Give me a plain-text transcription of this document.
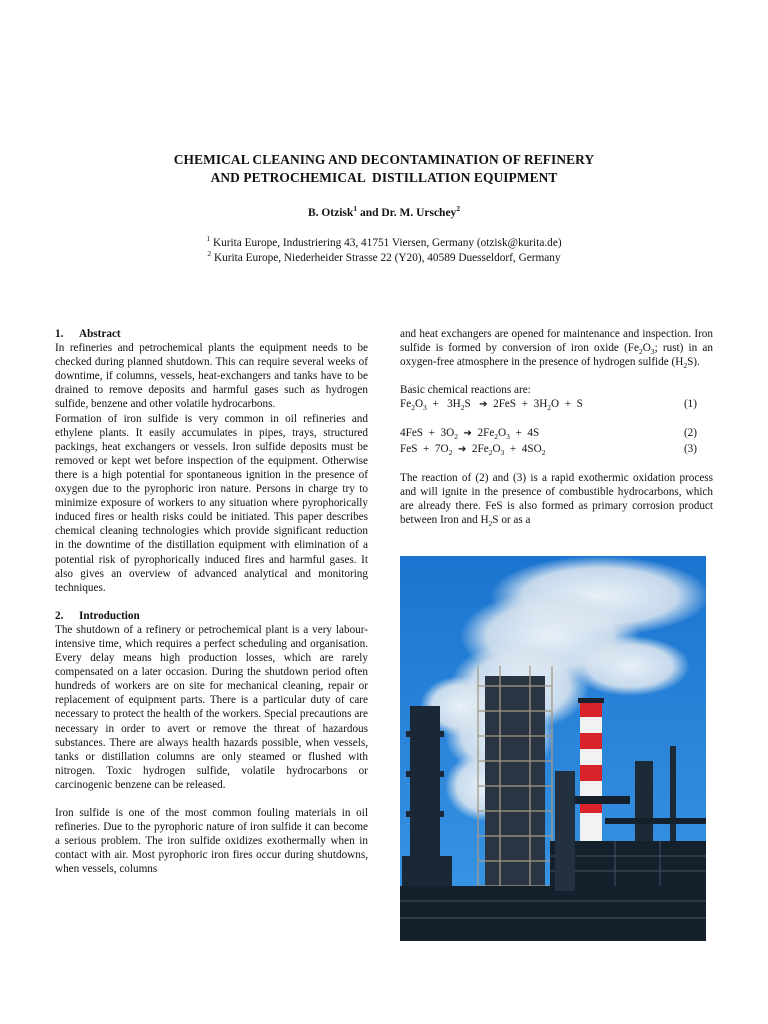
CHEMICAL CLEANING AND DECONTAMINATION OF REFINERY
AND PETROCHEMICAL  DISTILLATION EQUIPMENT
B. Otzisk$^1$ and Dr. M. Urschey$^2$
$^1$ Kurita Europe, Industriering 43, 41751 Viersen, Germany (otzisk@kurita.de)
$^2$ Kurita Europe, Niederheider Strasse 22 (Y20), 40589 Duesseldorf, Germany

1. Abstract

In refineries and petrochemical plants the equipment needs to be checked during planned shutdown. This can require several weeks of downtime, if columns, vessels, heat-exchangers and tanks have to be drained to remove deposits and harmful gases such as hydrogen sulfide, benzene and other volatile hydrocarbons.

Formation of iron sulfide is very common in oil refineries and ethylene plants. It easily accumulates in pipes, trays, structured packings, heat exchangers or vessels. Iron sulfide deposits must be removed or kept wet before inspection of the equipment. Otherwise there is a high potential for spontaneous ignition in the presence of oxygen due to the pyrophoric iron nature. Persons in charge try to minimize exposure of workers to any situation where pyrophorically induced fires or health risks could be initiated. This paper describes chemical cleaning technologies which provide significant reduction in the downtime of the distillation equipment with elimination of a potential risk of pyrophorically induced fires and harmful gases. It also gives an overview of advanced analytical and monitoring techniques.

2. Introduction

The shutdown of a refinery or petrochemical plant is a very labour-intensive time, which requires a perfect scheduling and organisation. Every delay means high production losses, which are rarely compensated on a later occasion. During the shutdown period often hundreds of workers are on site for mechanical cleaning, repair or replacement of equipment parts. There is a particular duty of care necessary to protect the health of the workers. Special precautions are necessary in order to avert or remove the threat of hazardous substances. There are always health hazards possible, when vessels, tanks or distillation columns are only steamed or flushed with nitrogen. Toxic hydrogen sulfide, volatile hydrocarbons or carcinogenic benzene can be released.

Iron sulfide is one of the most common fouling materials in oil refineries. Due to the pyrophoric nature of iron sulfide it can become a serious problem. The iron sulfide oxidizes exothermally when in contact with air. Most pyrophoric iron fires occur during shutdowns, when vessels, columns

and heat exchangers are opened for maintenance and inspection. Iron sulfide is formed by conversion of iron oxide ($Fe_2O_3$; rust) in an oxygen-free atmosphere in the presence of hydrogen sulfide $(H_2S)$.

Basic chemical reactions are:

$Fe_2O_3 + 3H_2S$   ➔  $2FeS + 3H_2O + S$	(1)
$4FeS + 3O_2$ ➔  $2Fe_2O_3 + 4S$	(2)
FeS  +  $7O_2$ ➔  $2Fe_2O_3 + 4SO_2$	(3)

The reaction of (2) and (3) is a rapid exothermic oxidation process and will ignite in the presence of combustible hydrocarbons, which are already there. FeS is also formed as primary corrosion product between Iron and $H_2S$ or as a
